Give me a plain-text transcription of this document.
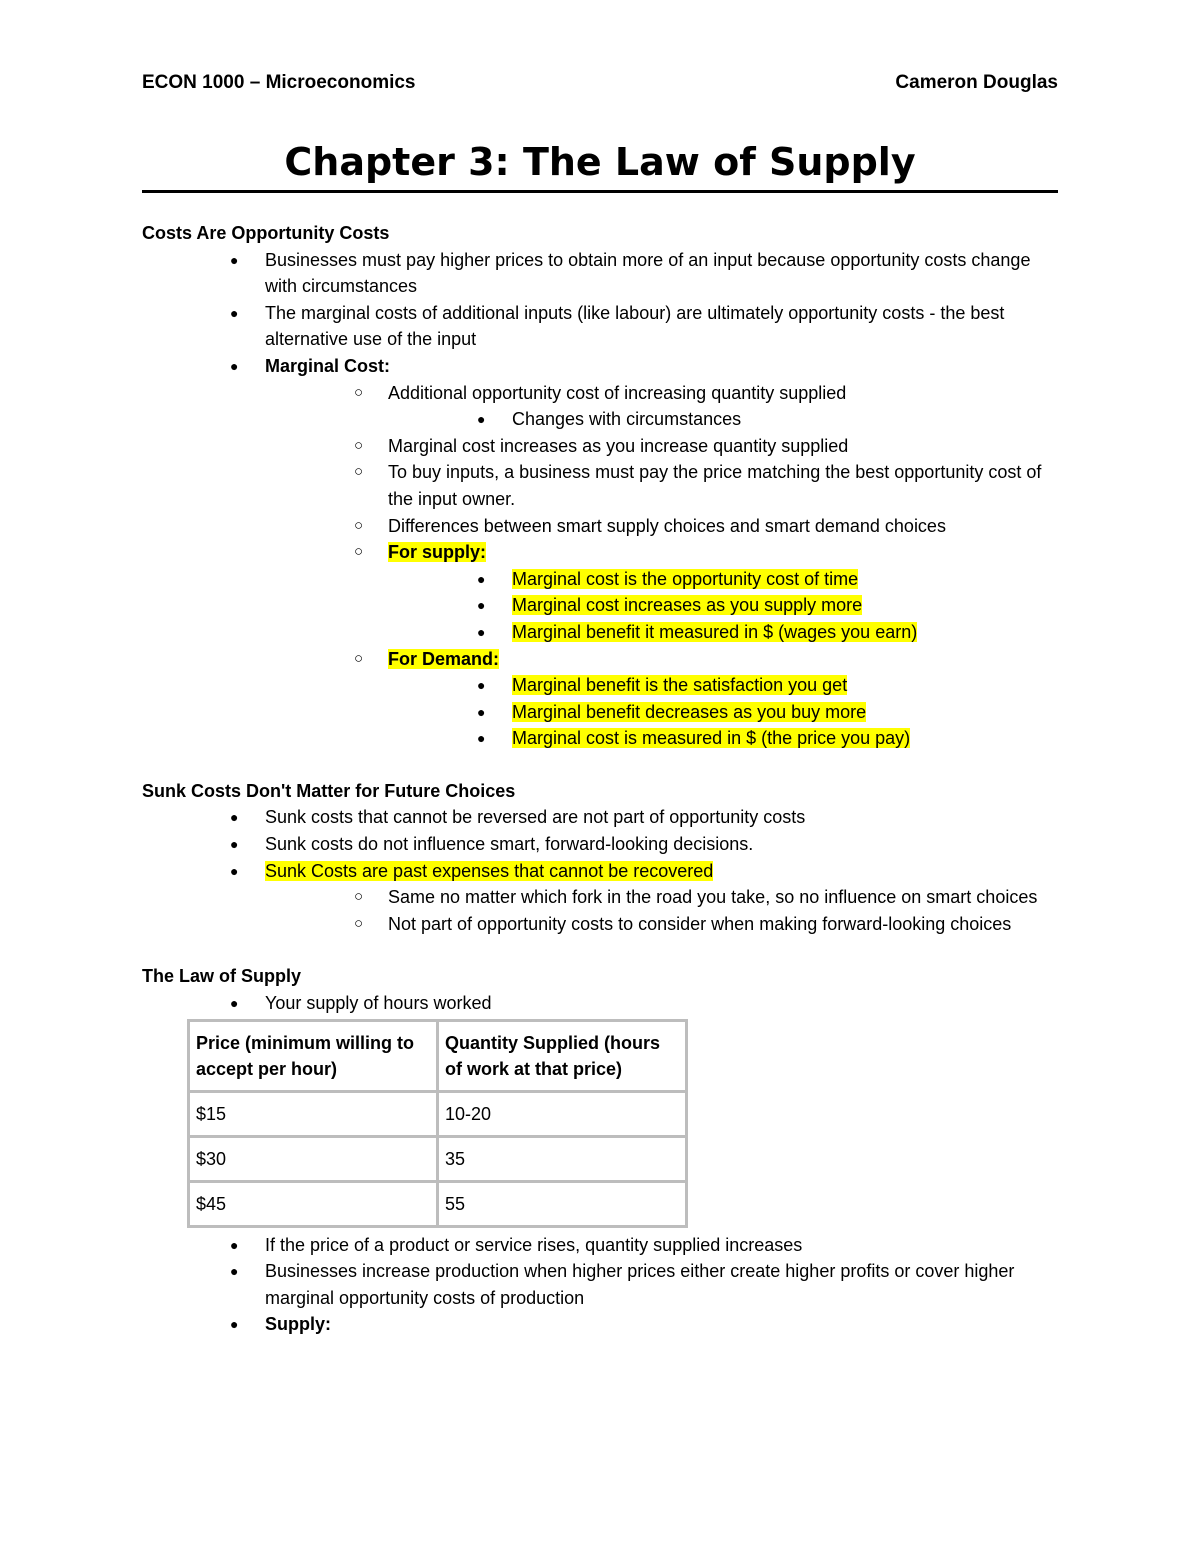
ECON 1000 – Microeconomics	Cameron Douglas
Chapter 3: The Law of Supply
Costs Are Opportunity Costs
● Businesses must pay higher prices to obtain more of an input because opportunity costs change with circumstances
● The marginal costs of additional inputs (like labour) are ultimately opportunity costs - the best alternative use of the input
● Marginal Cost:
○ Additional opportunity cost of increasing quantity supplied
● Changes with circumstances
○ Marginal cost increases as you increase quantity supplied
○ To buy inputs, a business must pay the price matching the best opportunity cost of the input owner.
○ Differences between smart supply choices and smart demand choices
○ For supply:
● Marginal cost is the opportunity cost of time
● Marginal cost increases as you supply more
● Marginal benefit it measured in $ (wages you earn)
○ For Demand:
● Marginal benefit is the satisfaction you get
● Marginal benefit decreases as you buy more
● Marginal cost is measured in $ (the price you pay)
Sunk Costs Don't Matter for Future Choices
● Sunk costs that cannot be reversed are not part of opportunity costs
● Sunk costs do not influence smart, forward-looking decisions.
● Sunk Costs are past expenses that cannot be recovered
○ Same no matter which fork in the road you take, so no influence on smart choices
○ Not part of opportunity costs to consider when making forward-looking choices
The Law of Supply
● Your supply of hours worked
Price (minimum willing to accept per hour)	Quantity Supplied (hours of work at that price)
$15	10-20
$30	35
$45	55
● If the price of a product or service rises, quantity supplied increases
● Businesses increase production when higher prices either create higher profits or cover higher marginal opportunity costs of production
● Supply:
